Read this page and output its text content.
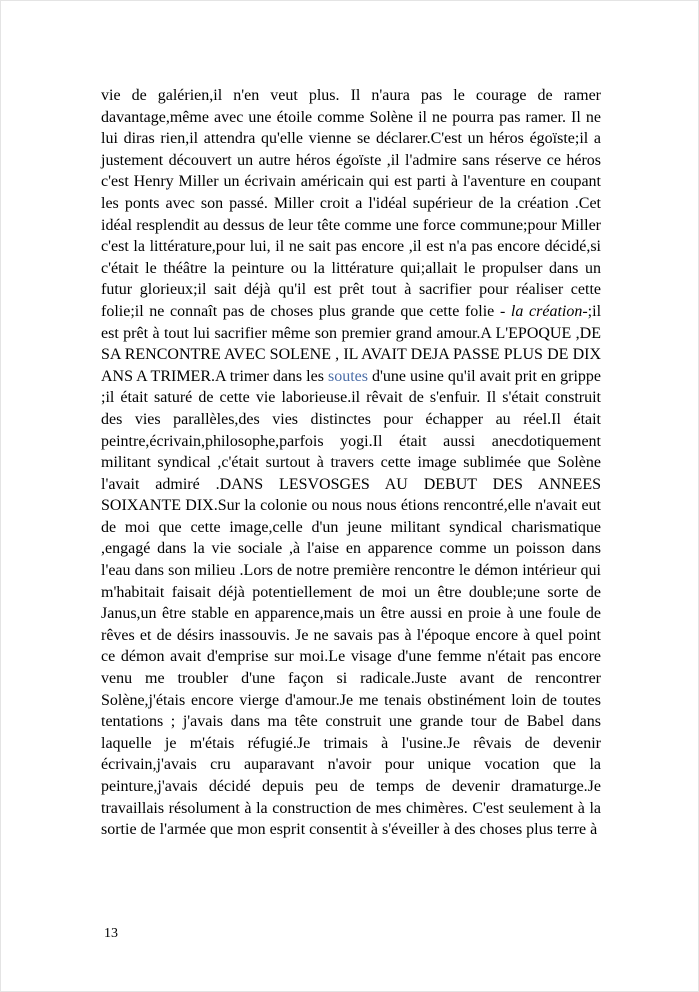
vie de galérien,il n'en veut plus. Il n'aura pas le courage de ramer davantage,même avec une étoile comme Solène il ne pourra pas ramer. Il ne lui diras rien,il attendra qu'elle vienne se déclarer.C'est un héros égoïste;il a justement découvert un autre héros égoïste ,il l'admire sans réserve ce héros c'est Henry Miller un écrivain américain qui est parti à l'aventure en coupant les ponts avec son passé. Miller croit a l'idéal supérieur de la création .Cet idéal resplendit au dessus de leur tête comme une force commune;pour Miller c'est la littérature,pour lui, il ne sait pas encore ,il est n'a pas encore décidé,si c'était le théâtre la peinture ou la littérature qui;allait le propulser dans un futur glorieux;il sait déjà qu'il est prêt tout à sacrifier pour réaliser cette folie;il ne connaît pas de choses plus grande que cette folie - la création-;il est prêt à tout lui sacrifier même son premier grand amour.A L'EPOQUE ,DE SA RENCONTRE AVEC SOLENE , IL AVAIT DEJA PASSE PLUS DE DIX ANS A TRIMER.A trimer dans les soutes d'une usine qu'il avait prit en grippe ;il était saturé de cette vie laborieuse.il rêvait de s'enfuir. Il s'était construit des vies parallèles,des vies distinctes pour échapper au réel.Il était peintre,écrivain,philosophe,parfois yogi.Il était aussi anecdotiquement militant syndical ,c'était surtout à travers cette image sublimée que Solène l'avait admiré .DANS LESVOSGES AU DEBUT DES ANNEES SOIXANTE DIX.Sur la colonie ou nous nous étions rencontré,elle n'avait eut de moi que cette image,celle d'un jeune militant syndical charismatique ,engagé dans la vie sociale ,à l'aise en apparence comme un poisson dans l'eau dans son milieu .Lors de notre première rencontre le démon intérieur qui m'habitait faisait déjà potentiellement de moi un être double;une sorte de Janus,un être stable en apparence,mais un être aussi en proie à une foule de rêves et de désirs inassouvis. Je ne savais pas à l'époque encore à quel point ce démon avait d'emprise sur moi.Le visage d'une femme n'était pas encore venu me troubler d'une façon si radicale.Juste avant de rencontrer Solène,j'étais encore vierge d'amour.Je me tenais obstinément loin de toutes tentations ; j'avais dans ma tête construit une grande tour de Babel dans laquelle je m'étais réfugié.Je trimais à l'usine.Je rêvais de devenir écrivain,j'avais cru auparavant n'avoir pour unique vocation que la peinture,j'avais décidé depuis peu de temps de devenir dramaturge.Je travaillais résolument à la construction de mes chimères. C'est seulement à la sortie de l'armée que mon esprit consentit à s'éveiller à des choses plus terre à

13
